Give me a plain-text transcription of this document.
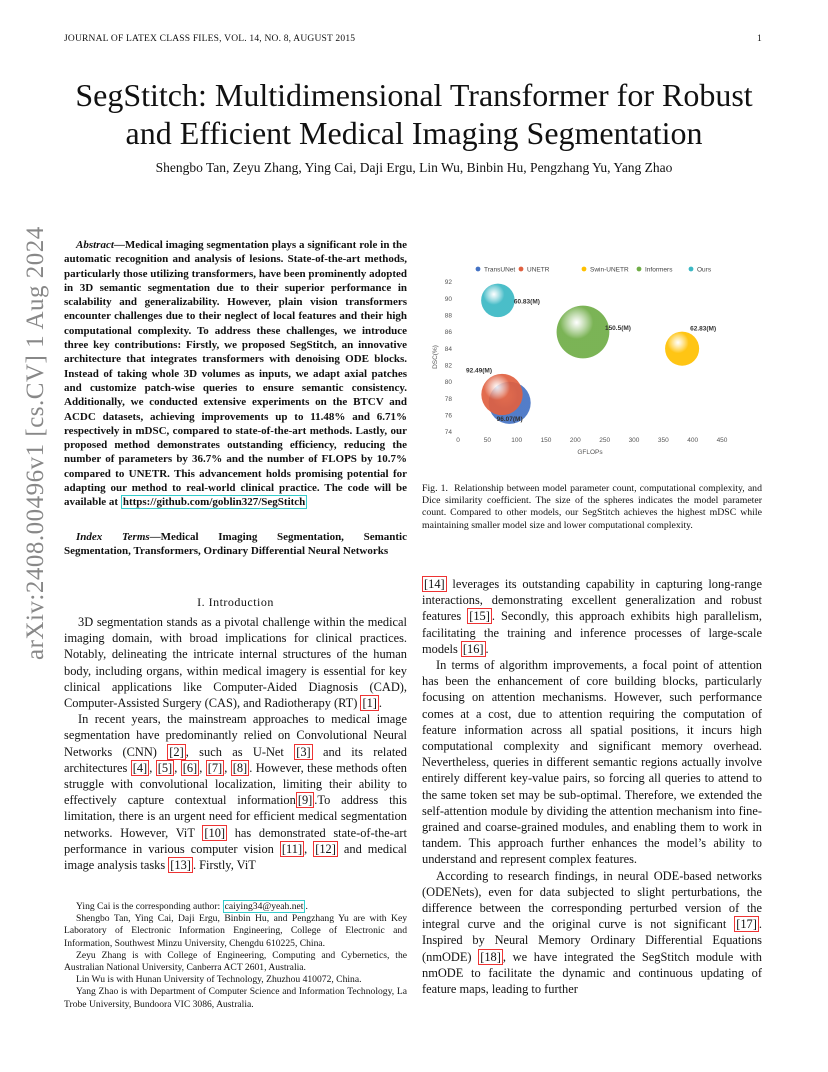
JOURNAL OF LATEX CLASS FILES, VOL. 14, NO. 8, AUGUST 2015	1
arXiv:2408.00496v1 [cs.CV] 1 Aug 2024
SegStitch: Multidimensional Transformer for Robust
and Efficient Medical Imaging Segmentation
Shengbo Tan, Zeyu Zhang, Ying Cai, Daji Ergu, Lin Wu, Binbin Hu, Pengzhang Yu, Yang Zhao
Abstract—Medical imaging segmentation plays a significant role in the automatic recognition and analysis of lesions. State-of-the-art methods, particularly those utilizing transformers, have been prominently adopted in 3D semantic segmentation due to their superior performance in scalability and generalizability. However, plain vision transformers encounter challenges due to their neglect of local features and their high computational complexity. To address these challenges, we introduce three key contributions: Firstly, we proposed SegStitch, an innovative architecture that integrates transformers with denoising ODE blocks. Instead of taking whole 3D volumes as inputs, we adapt axial patches and customize patch-wise queries to ensure semantic consistency. Additionally, we conducted extensive experiments on the BTCV and ACDC datasets, achieving improvements up to 11.48% and 6.71% respectively in mDSC, compared to state-of-the-art methods. Lastly, our proposed method demonstrates outstanding efficiency, reducing the number of parameters by 36.7% and the number of FLOPS by 10.7% compared to UNETR. This advancement holds promising potential for adapting our method to real-world clinical practice. The code will be available at https://github.com/goblin327/SegStitch
Index Terms—Medical Imaging Segmentation, Semantic Segmentation, Transformers, Ordinary Differential Neural Networks
I. Introduction

3D segmentation stands as a pivotal challenge within the medical imaging domain, with broad implications for clinical practices. Notably, delineating the intricate internal structures of the human body, including organs, within medical imagery is essential for key clinical applications like Computer-Aided Diagnosis (CAD), Computer-Assisted Surgery (CAS), and Radiotherapy (RT) [1] .

In recent years, the mainstream approaches to medical image segmentation have predominantly relied on Convolutional Neural Networks (CNN) [2] , such as U-Net [3] and its related architectures [4] , [5] , [6] , [7] , [8] . However, these methods often struggle with convolutional localization, limiting their ability to effectively capture contextual information [9] .To address this limitation, there is an urgent need for efficient medical segmentation networks. However, ViT [10] has demonstrated state-of-the-art performance in various computer vision [11] , [12] and medical image analysis tasks [13] . Firstly, ViT

Ying Cai is the corresponding author: caiying34@yeah.net .

Shengbo Tan, Ying Cai, Daji Ergu, Binbin Hu, and Pengzhang Yu are with Key Laboratory of Electronic Information Engineering, College of Electronic and Information, Southwest Minzu University, Chengdu 610225, China.

Zeyu Zhang is with College of Engineering, Computing and Cybernetics, the Australian National University, Canberra ACT 2601, Australia.

Lin Wu is with Hunan University of Technology, Zhuzhou 410072, China.

Yang Zhao is with Department of Computer Science and Information Technology, La Trobe University, Bundoora VIC 3086, Australia.

TransUNet UNETR	Swin-UNETR	Informers	Ours
74
76
78
80
82
84
86
88
90
92
0	50	100	150	200	250	300	350	400	450
GFLOPs
DSC(%)
96.07(M)
92.49(M)
62.83(M)
150.5(M)
60.83(M)
Fig. 1. Relationship between model parameter count, computational complexity, and Dice similarity coefficient. The size of the spheres indicates the model parameter count. Compared to other models, our SegStitch achieves the highest mDSC while maintaining smaller model size and lower computational complexity.

[14] leverages its outstanding capability in capturing long-range interactions, demonstrating excellent generalization and robust features [15] . Secondly, this approach exhibits high parallelism, facilitating the training and inference processes of large-scale models [16] .

In terms of algorithm improvements, a focal point of attention has been the enhancement of core building blocks, particularly focusing on attention mechanisms. However, such performance comes at a cost, due to attention requiring the computation of feature information across all spatial positions, it incurs high computational complexity and significant memory overhead. Nevertheless, queries in different semantic regions actually involve entirely different key-value pairs, so forcing all queries to attend to the same token set may be sub-optimal. Therefore, we extended the self-attention module by dividing the attention mechanism into fine-grained and coarse-grained modules, and enabling them to work in tandem. This approach further enhances the model’s ability to understand and represent complex features.

According to research findings, in neural ODE-based networks (ODENets), even for data subjected to slight perturbations, the difference between the corresponding perturbed version of the integral curve and the original curve is not significant [17] . Inspired by Neural Memory Ordinary Differential Equations (nmODE) [18] , we have integrated the SegStitch module with nmODE to facilitate the dynamic and continuous updating of feature maps, leading to further
